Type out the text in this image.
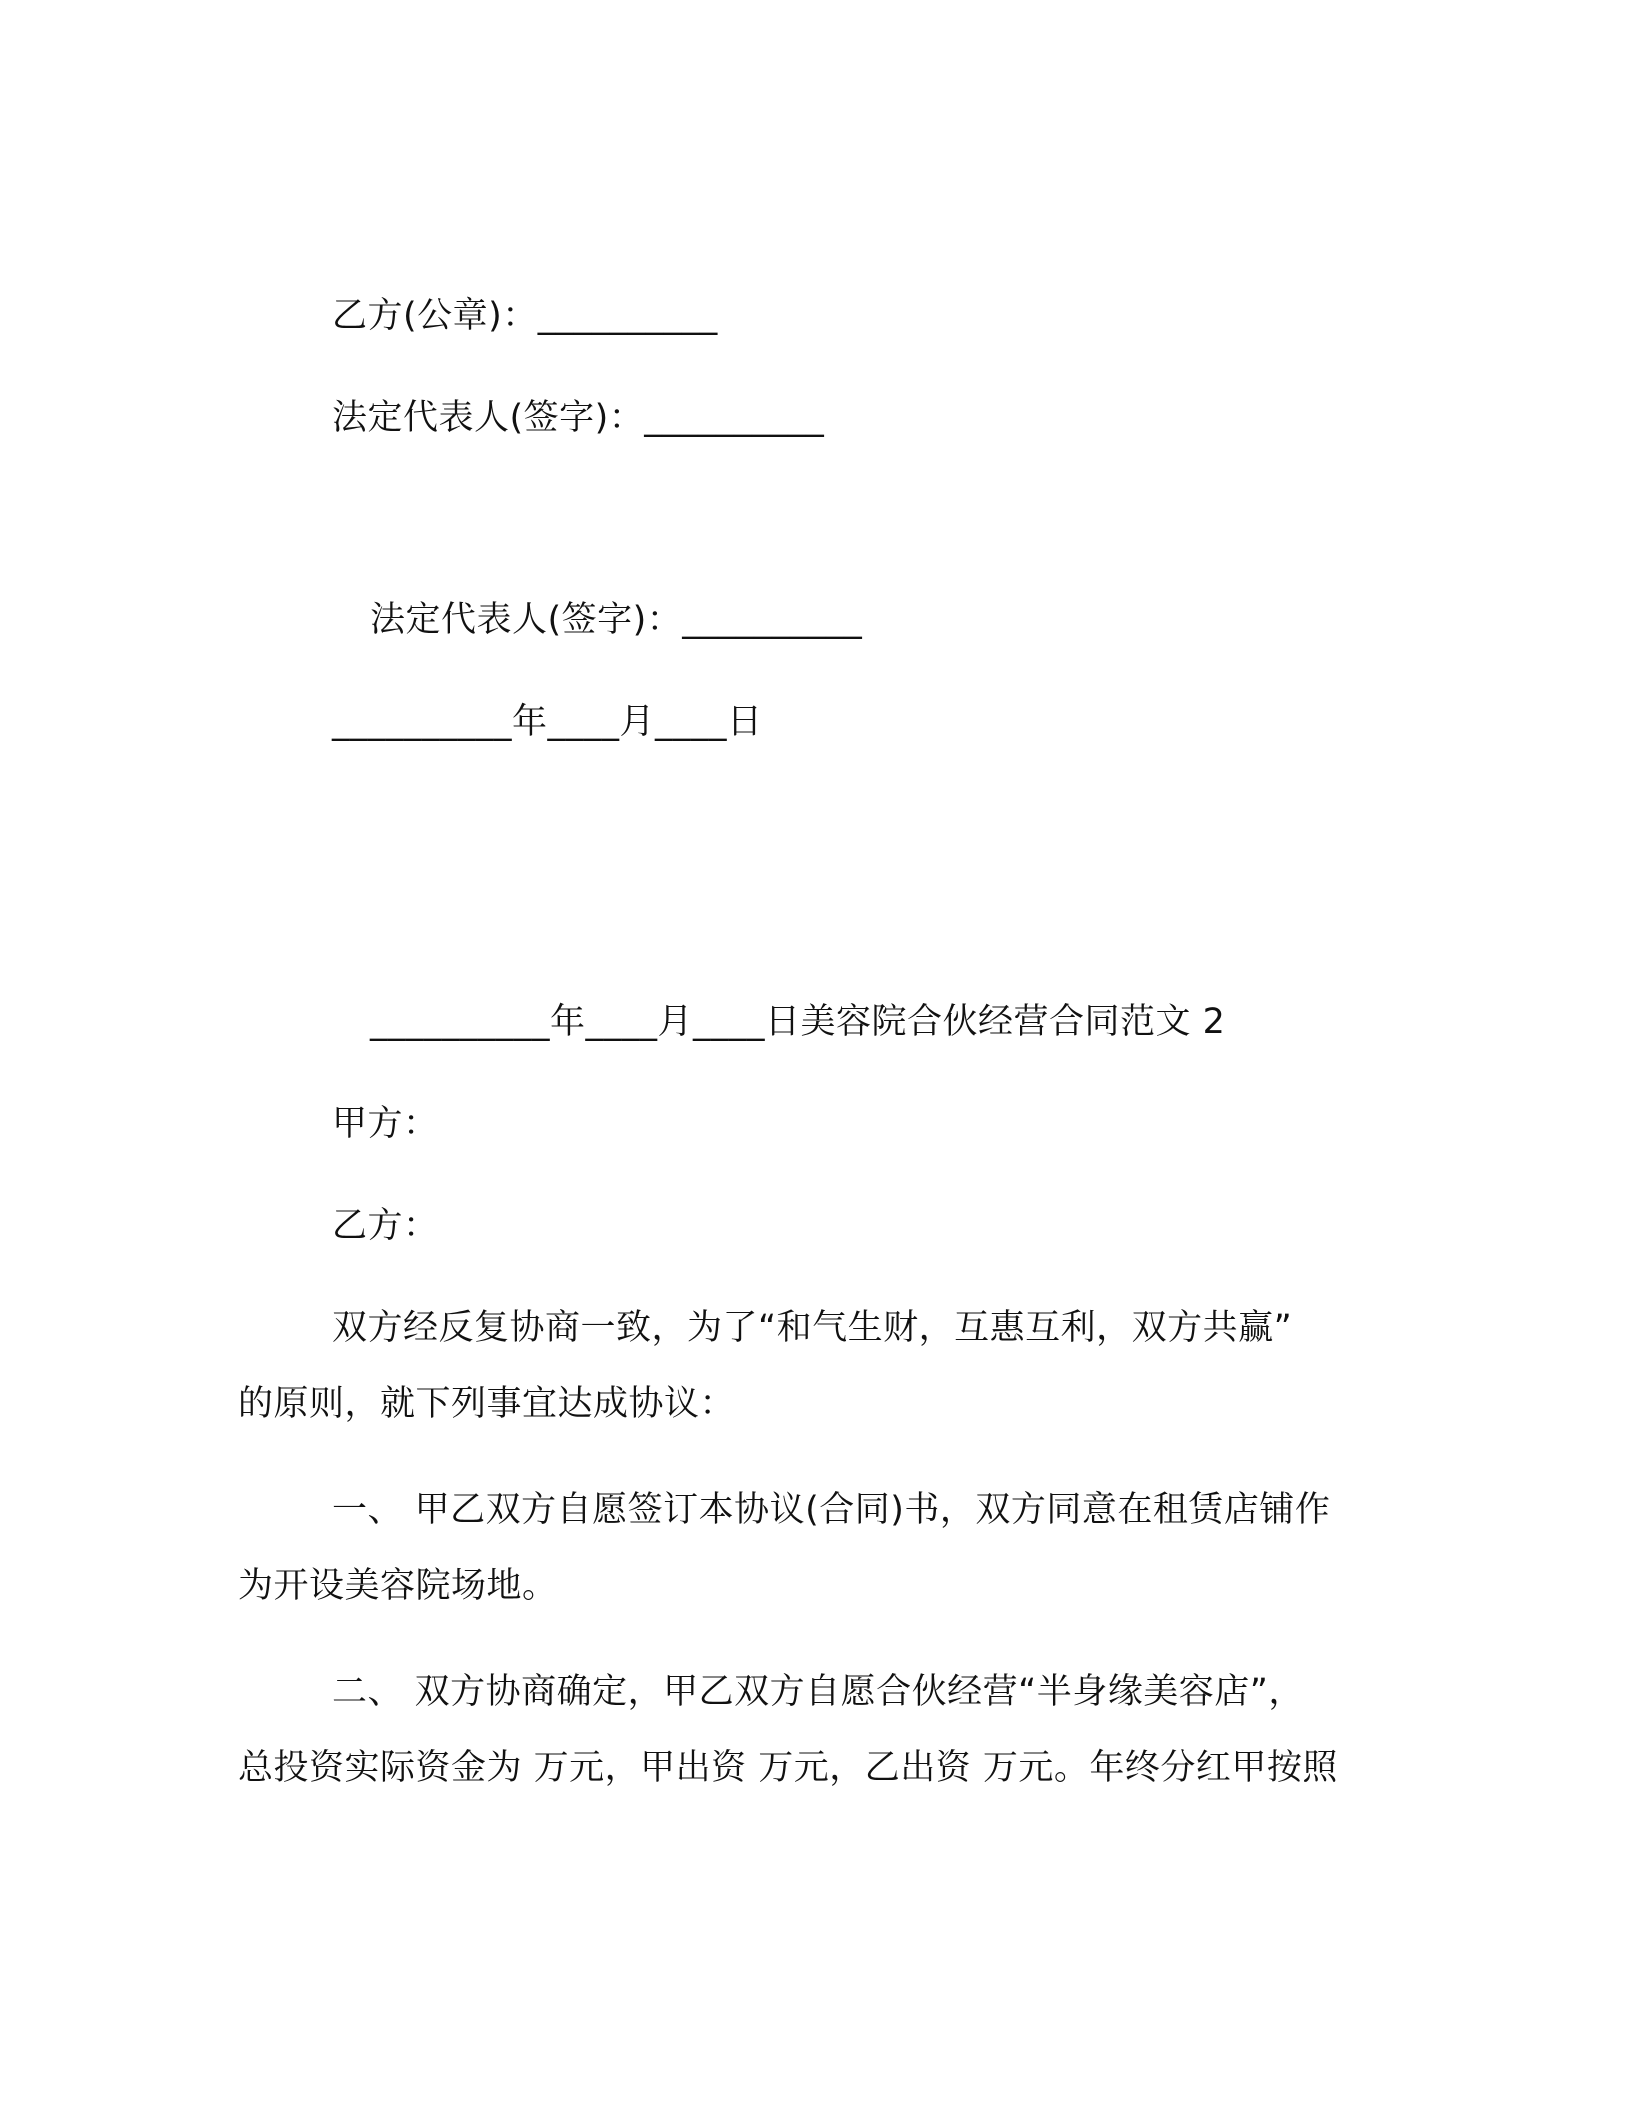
乙方(公章)：__________
法定代表人(签字)：__________
法定代表人(签字)：__________
__________年____月____日
__________年____月____日美容院合伙经营合同范文 2
甲方：
乙方：
双方经反复协商一致，为了“和气生财，互惠互利，双方共赢”
的原则，就下列事宜达成协议：
一、 甲乙双方自愿签订本协议(合同)书，双方同意在租赁店铺作
为开设美容院场地。
二、 双方协商确定，甲乙双方自愿合伙经营“半身缘美容店”，
总投资实际资金为 万元，甲出资 万元，乙出资 万元。年终分红甲按照
